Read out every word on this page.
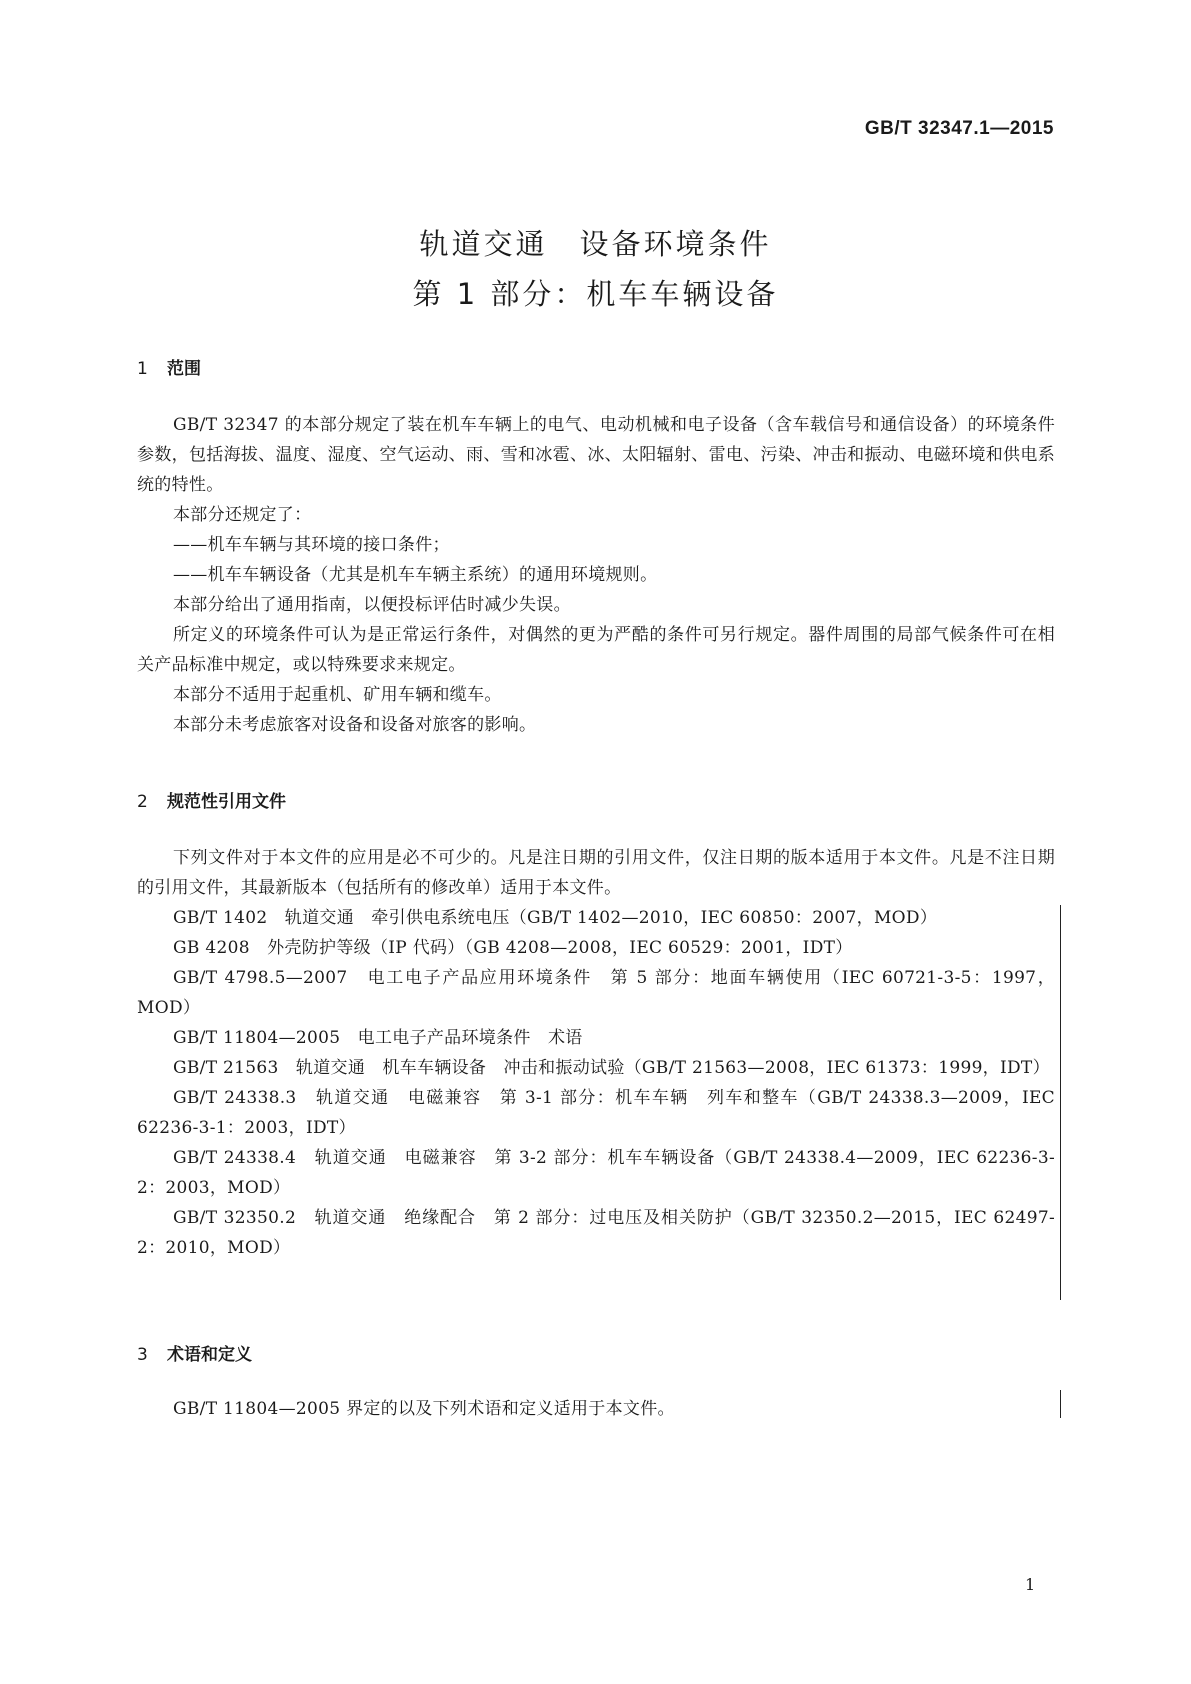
GB/T 32347.1—2015
轨道交通　设备环境条件
第 1 部分：机车车辆设备
1 范围

GB/T 32347 的本部分规定了装在机车车辆上的电气、电动机械和电子设备（含车载信号和通信设备）的环境条件参数，包括海拔、温度、湿度、空气运动、雨、雪和冰雹、冰、太阳辐射、雷电、污染、冲击和振动、电磁环境和供电系统的特性。

本部分还规定了：

——机车车辆与其环境的接口条件；

——机车车辆设备（尤其是机车车辆主系统）的通用环境规则。

本部分给出了通用指南，以便投标评估时减少失误。

所定义的环境条件可认为是正常运行条件，对偶然的更为严酷的条件可另行规定。器件周围的局部气候条件可在相关产品标准中规定，或以特殊要求来规定。

本部分不适用于起重机、矿用车辆和缆车。

本部分未考虑旅客对设备和设备对旅客的影响。

2 规范性引用文件

下列文件对于本文件的应用是必不可少的。凡是注日期的引用文件，仅注日期的版本适用于本文件。凡是不注日期的引用文件，其最新版本（包括所有的修改单）适用于本文件。

GB/T 1402　轨道交通　牵引供电系统电压（GB/T 1402—2010，IEC 60850：2007，MOD）

GB 4208　外壳防护等级（IP 代码）（GB 4208—2008，IEC 60529：2001，IDT）

GB/T 4798.5—2007　电工电子产品应用环境条件　第 5 部分：地面车辆使用（IEC 60721-3-5：1997，MOD）

GB/T 11804—2005　电工电子产品环境条件　术语

GB/T 21563　轨道交通　机车车辆设备　冲击和振动试验（GB/T 21563—2008，IEC 61373：1999，IDT）

GB/T 24338.3　轨道交通　电磁兼容　第 3-1 部分：机车车辆　列车和整车（GB/T 24338.3—2009，IEC 62236-3-1：2003，IDT）

GB/T 24338.4　轨道交通　电磁兼容　第 3-2 部分：机车车辆设备（GB/T 24338.4—2009，IEC 62236-3-2：2003，MOD）

GB/T 32350.2　轨道交通　绝缘配合　第 2 部分：过电压及相关防护（GB/T 32350.2—2015，IEC 62497-2：2010，MOD）

3 术语和定义

GB/T 11804—2005 界定的以及下列术语和定义适用于本文件。

1
